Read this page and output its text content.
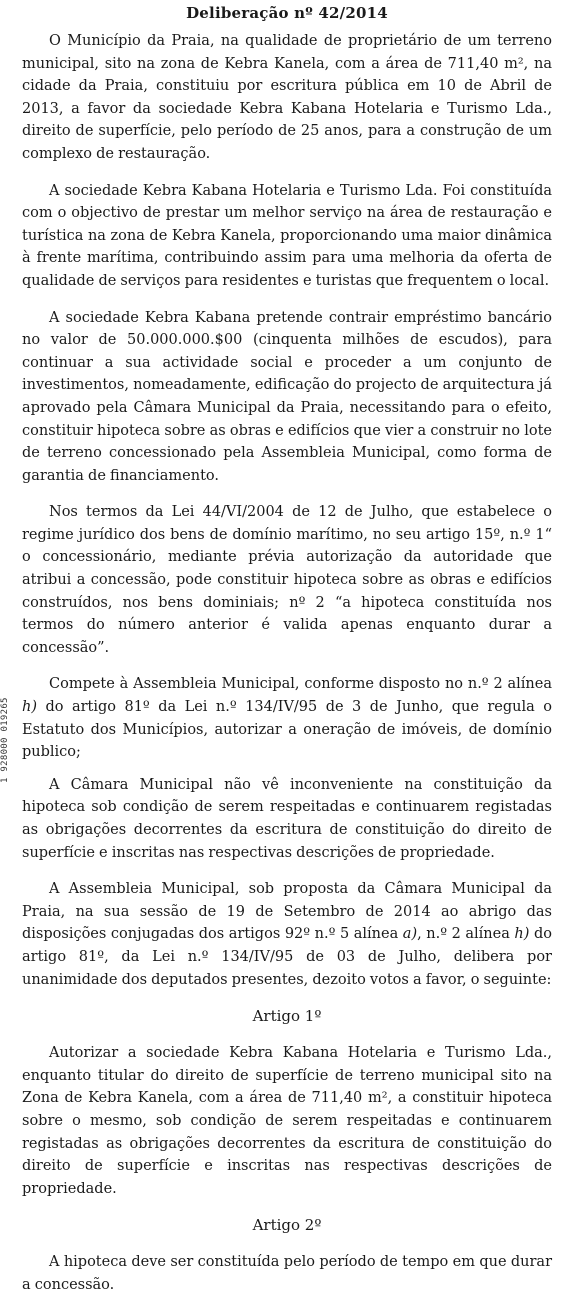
1 928000 019265
Deliberação nº 42/2014

O Município da Praia, na qualidade de proprietário de um terreno municipal, sito na zona de Kebra Kanela, com a área de 711,40 m², na cidade da Praia, constituiu por escritura pública em 10 de Abril de 2013, a favor da sociedade Kebra Kabana Hotelaria e Turismo Lda., direito de superfície, pelo período de 25 anos, para a construção de um complexo de restauração.

A sociedade Kebra Kabana Hotelaria e Turismo Lda. Foi constituída com o objectivo de prestar um melhor serviço na área de restauração e turística na zona de Kebra Kanela, proporcionando uma maior dinâmica à frente marítima, contribuindo assim para uma melhoria da oferta de qualidade de serviços para residentes e turistas que frequentem o local.

A sociedade Kebra Kabana pretende contrair empréstimo bancário no valor de 50.000.000.$00 (cinquenta milhões de escudos), para continuar a sua actividade social e proceder a um conjunto de investimentos, nomeadamente, edificação do projecto de arquitectura já aprovado pela Câmara Municipal da Praia, necessitando para o efeito, constituir hipoteca sobre as obras e edifícios que vier a construir no lote de terreno concessionado pela Assembleia Municipal, como forma de garantia de financiamento.

Nos termos da Lei 44/VI/2004 de 12 de Julho, que estabelece o regime jurídico dos bens de domínio marítimo, no seu artigo 15º, n.º 1“ o concessionário, mediante prévia autorização da autoridade que atribui a concessão, pode constituir hipoteca sobre as obras e edifícios construídos, nos bens dominiais; nº 2 “a hipoteca constituída nos termos do número anterior é valida apenas enquanto durar a concessão”.

Compete à Assembleia Municipal, conforme disposto no n.º 2 alínea h) do artigo 81º da Lei n.º 134/IV/95 de 3 de Junho, que regula o Estatuto dos Municípios, autorizar a oneração de imóveis, de domínio publico;

A Câmara Municipal não vê inconveniente na constituição da hipoteca sob condição de serem respeitadas e continuarem registadas as obrigações decorrentes da escritura de constituição do direito de superfície e inscritas nas respectivas descrições de propriedade.

A Assembleia Municipal, sob proposta da Câmara Municipal da Praia, na sua sessão de 19 de Setembro de 2014 ao abrigo das disposições conjugadas dos artigos 92º n.º 5 alínea a), n.º 2 alínea h) do artigo 81º, da Lei n.º 134/IV/95 de 03 de Julho, delibera por unanimidade dos deputados presentes, dezoito votos a favor, o seguinte:

Artigo 1º

Autorizar a sociedade Kebra Kabana Hotelaria e Turismo Lda., enquanto titular do direito de superfície de terreno municipal sito na Zona de Kebra Kanela, com a área de 711,40 m², a constituir hipoteca sobre o mesmo, sob condição de serem respeitadas e continuarem registadas as obrigações decorrentes da escritura de constituição do direito de superfície e inscritas nas respectivas descrições de propriedade.

Artigo 2º

A hipoteca deve ser constituída pelo período de tempo em que durar a concessão.
